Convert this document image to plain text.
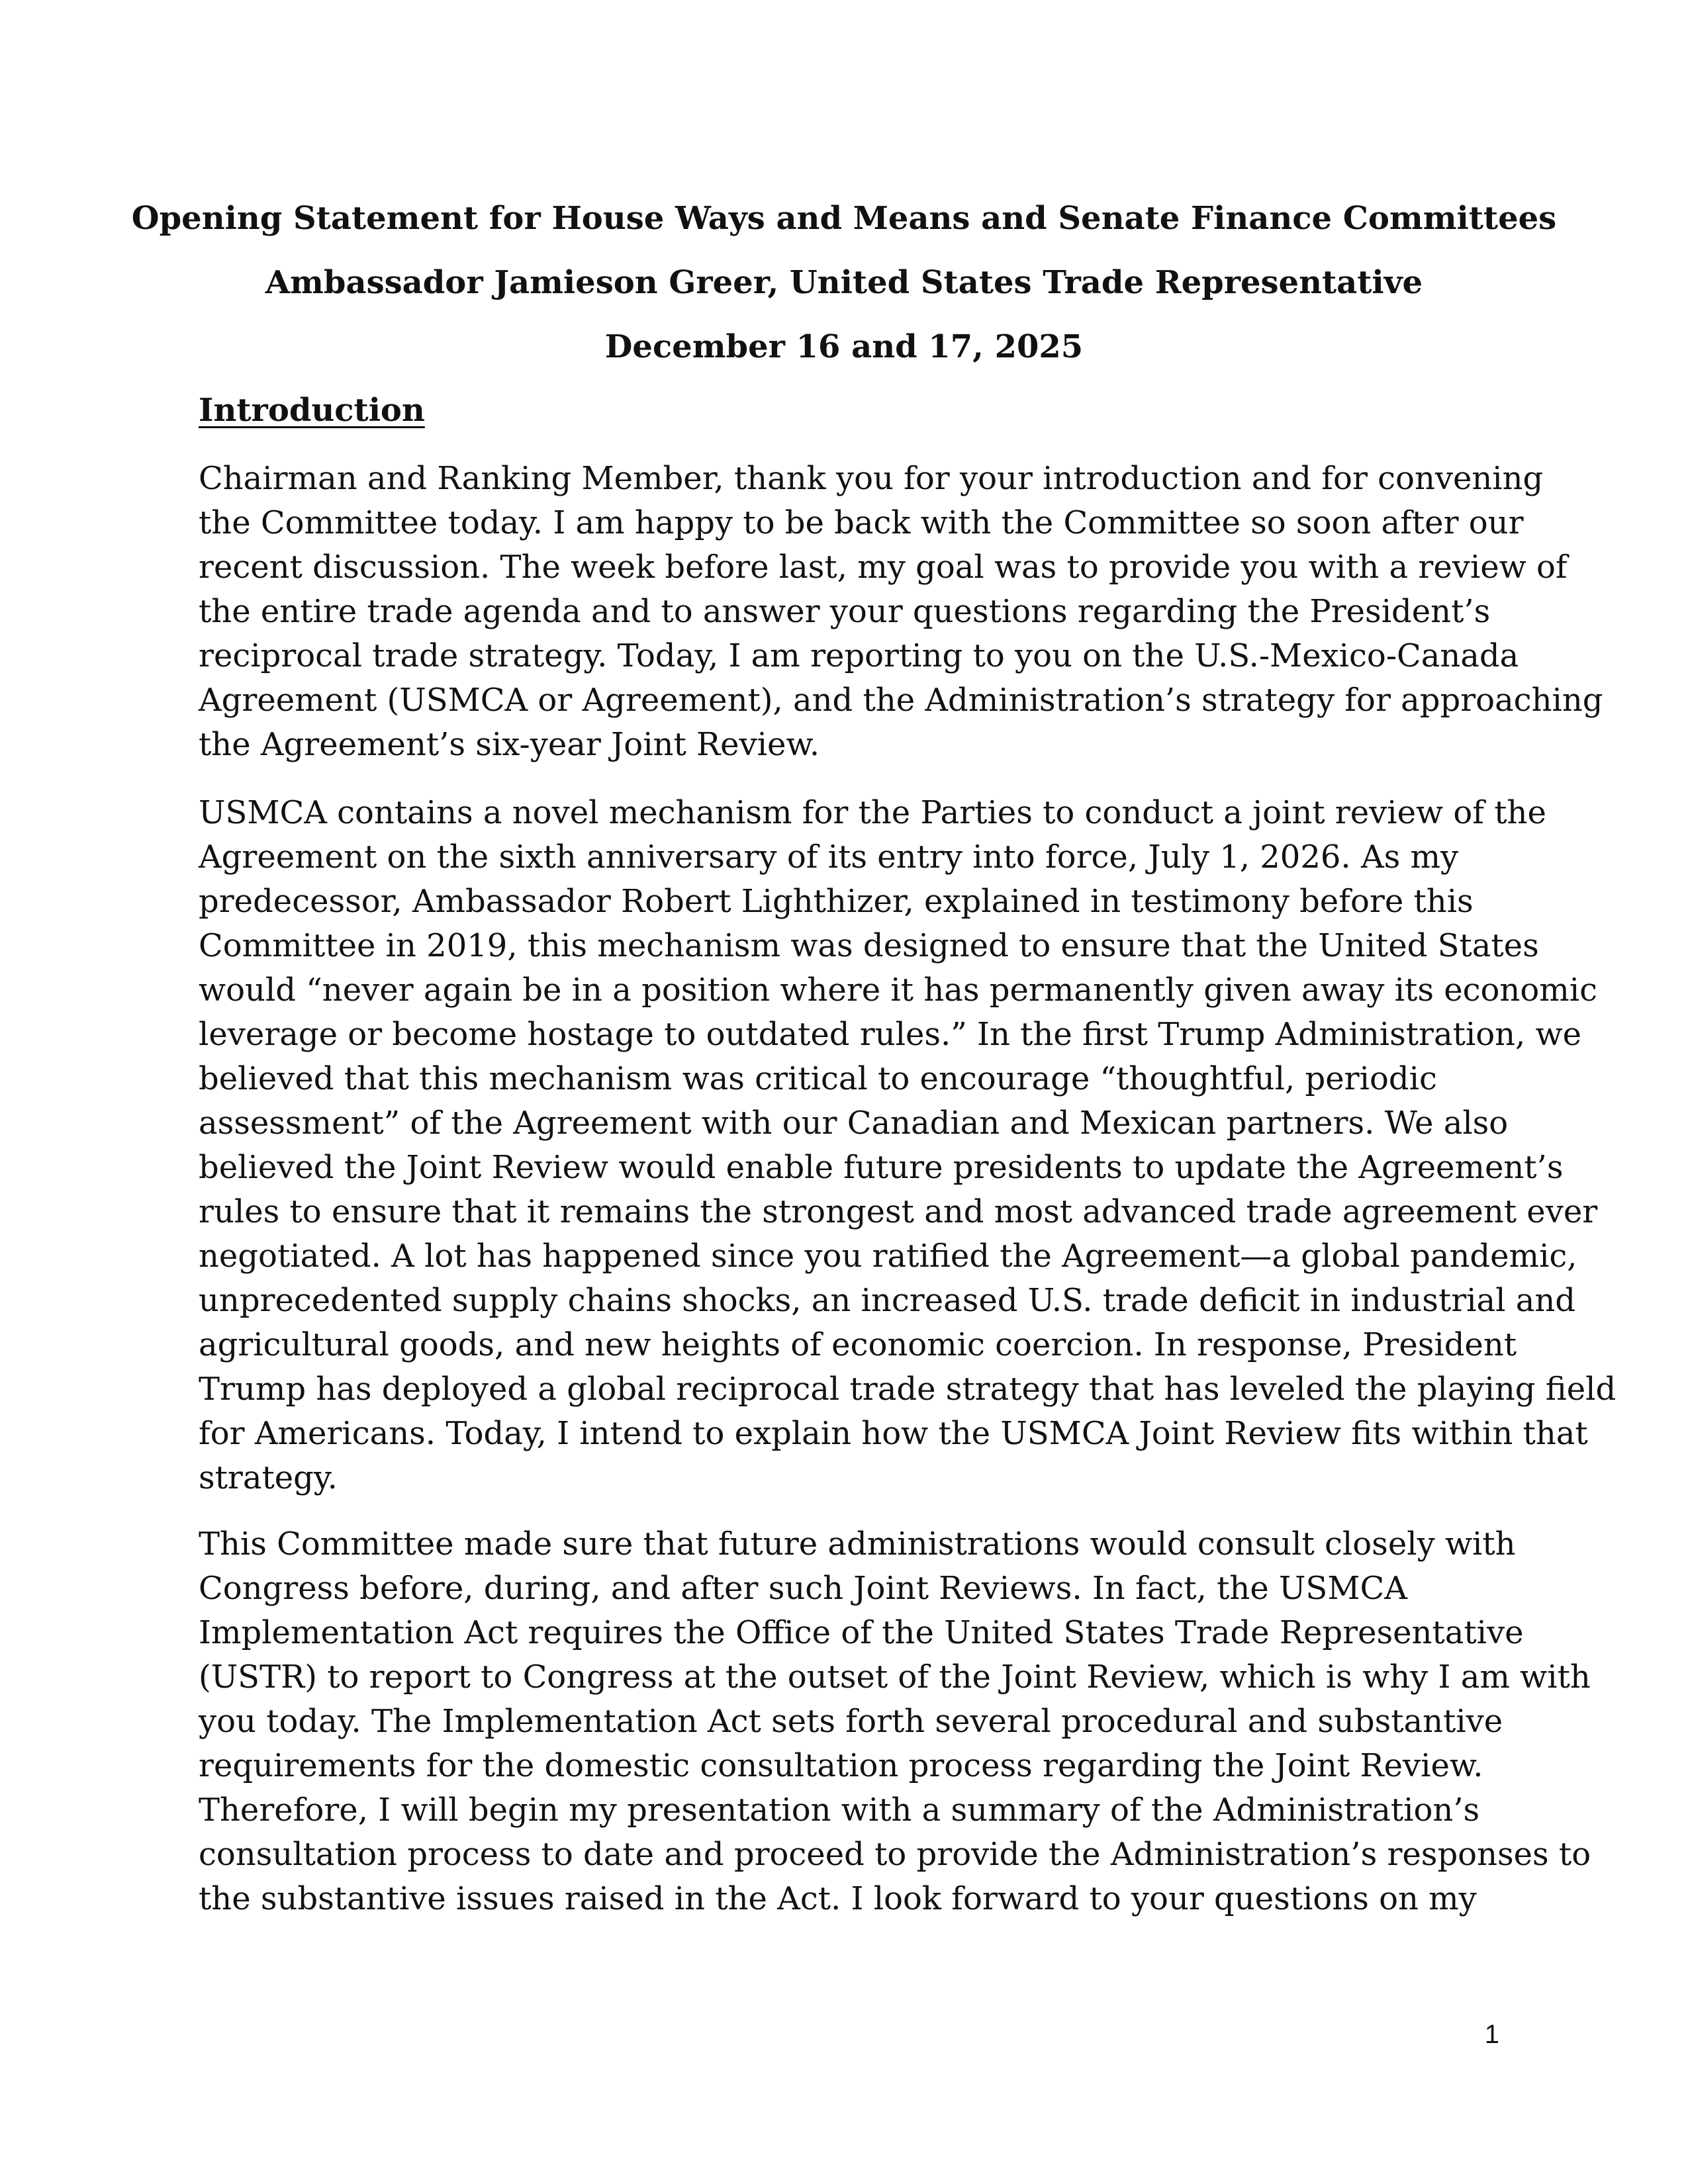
Opening Statement for House Ways and Means and Senate Finance Committees
Ambassador Jamieson Greer, United States Trade Representative
December 16 and 17, 2025
Introduction
Chairman and Ranking Member, thank you for your introduction and for convening
the Committee today. I am happy to be back with the Committee so soon after our
recent discussion. The week before last, my goal was to provide you with a review of
the entire trade agenda and to answer your questions regarding the President’s
reciprocal trade strategy. Today, I am reporting to you on the U.S.-Mexico-Canada
Agreement (USMCA or Agreement), and the Administration’s strategy for approaching
the Agreement’s six-year Joint Review.
USMCA contains a novel mechanism for the Parties to conduct a joint review of the
Agreement on the sixth anniversary of its entry into force, July 1, 2026. As my
predecessor, Ambassador Robert Lighthizer, explained in testimony before this
Committee in 2019, this mechanism was designed to ensure that the United States
would “never again be in a position where it has permanently given away its economic
leverage or become hostage to outdated rules.” In the first Trump Administration, we
believed that this mechanism was critical to encourage “thoughtful, periodic
assessment” of the Agreement with our Canadian and Mexican partners. We also
believed the Joint Review would enable future presidents to update the Agreement’s
rules to ensure that it remains the strongest and most advanced trade agreement ever
negotiated. A lot has happened since you ratified the Agreement—a global pandemic,
unprecedented supply chains shocks, an increased U.S. trade deficit in industrial and
agricultural goods, and new heights of economic coercion. In response, President
Trump has deployed a global reciprocal trade strategy that has leveled the playing field
for Americans. Today, I intend to explain how the USMCA Joint Review fits within that
strategy.
This Committee made sure that future administrations would consult closely with
Congress before, during, and after such Joint Reviews. In fact, the USMCA
Implementation Act requires the Office of the United States Trade Representative
(USTR) to report to Congress at the outset of the Joint Review, which is why I am with
you today. The Implementation Act sets forth several procedural and substantive
requirements for the domestic consultation process regarding the Joint Review.
Therefore, I will begin my presentation with a summary of the Administration’s
consultation process to date and proceed to provide the Administration’s responses to
the substantive issues raised in the Act. I look forward to your questions on my
1
